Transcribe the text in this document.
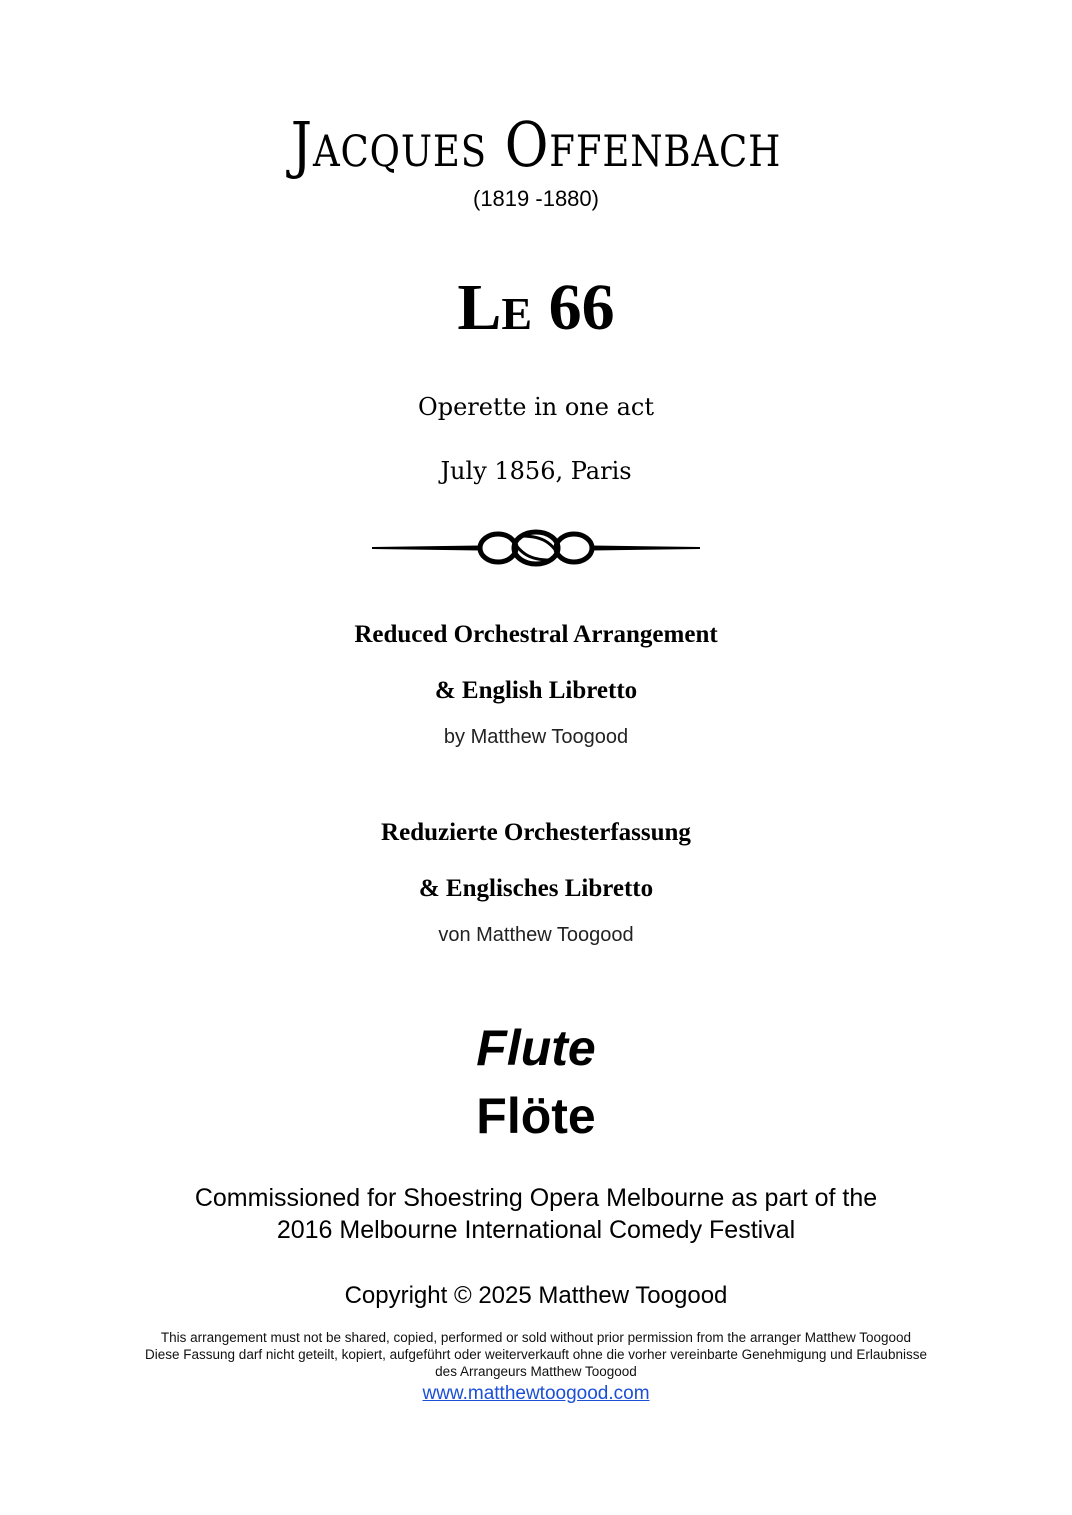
Jacques Offenbach
(1819 -1880)
Le 66
Operette in one act
July 1856, Paris
Reduced Orchestral Arrangement
& English Libretto
by Matthew Toogood
Reduzierte Orchesterfassung
& Englisches Libretto
von Matthew Toogood
Flute
Flöte
Commissioned for Shoestring Opera Melbourne as part of the
2016 Melbourne International Comedy Festival
Copyright © 2025 Matthew Toogood
This arrangement must not be shared, copied, performed or sold without prior permission from the arranger Matthew Toogood
Diese Fassung darf nicht geteilt, kopiert, aufgeführt oder weiterverkauft ohne die vorher vereinbarte Genehmigung und Erlaubnisse
des Arrangeurs Matthew Toogood
www.matthewtoogood.com
